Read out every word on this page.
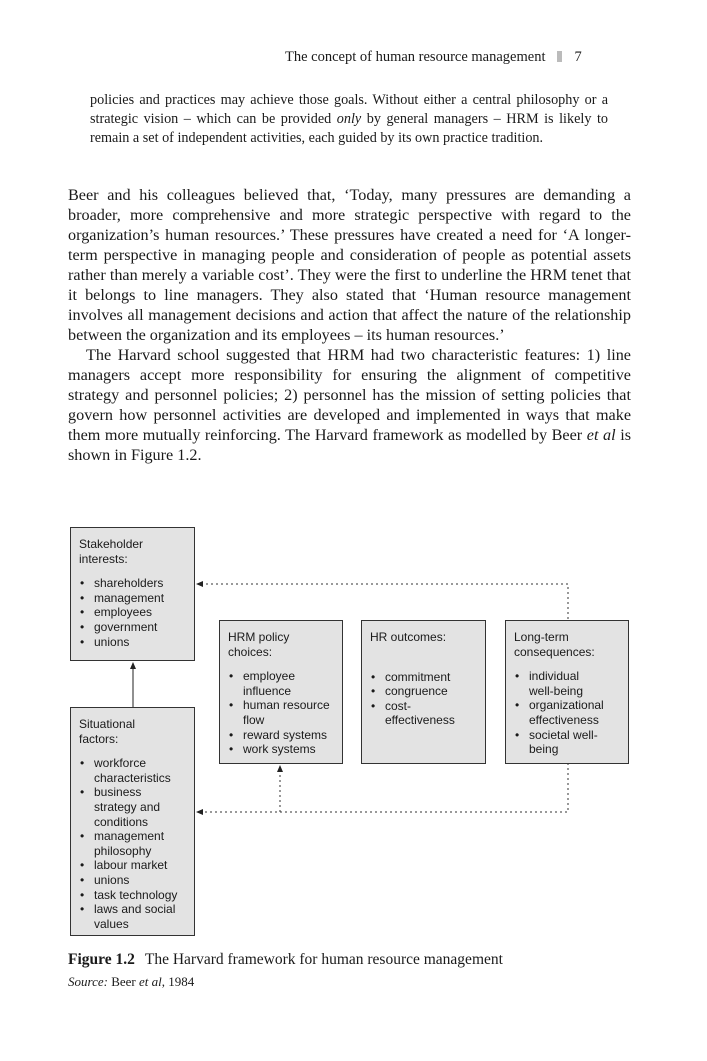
The concept of human resource management 7

policies and practices may achieve those goals. Without either a central philosophy or a strategic vision – which can be provided only by general managers – HRM is likely to remain a set of independent activities, each guided by its own practice tradition.

Beer and his colleagues believed that, ‘Today, many pressures are demanding a broader, more comprehensive and more strategic perspective with regard to the organization’s human resources.’ These pressures have created a need for ‘A longer-term perspective in managing people and consideration of people as potential assets rather than merely a variable cost’. They were the first to underline the HRM tenet that it belongs to line managers. They also stated that ‘Human resource management involves all management decisions and action that affect the nature of the relationship between the organization and its employees – its human resources.’

The Harvard school suggested that HRM had two characteristic features: 1) line managers accept more responsibility for ensuring the alignment of competitive strategy and personnel policies; 2) personnel has the mission of setting policies that govern how personnel activities are developed and implemented in ways that make them more mutually reinforcing. The Harvard framework as modelled by Beer et al is shown in Figure 1.2.

Stakeholder
interests:
• shareholders
• management
• employees
• government
• unions
Situational
factors:
• workforce
characteristics
• business
strategy and
conditions
• management
philosophy
• labour market
• unions
• task technology
• laws and social
values
HRM policy
choices:
• employee
influence
• human resource
flow
• reward systems
• work systems
HR outcomes:
• commitment
• congruence
• cost-
effectiveness
Long-term
consequences:
• individual
well-being
• organizational
effectiveness
• societal well-
being
Figure 1.2 The Harvard framework for human resource management
Source: Beer et al, 1984
